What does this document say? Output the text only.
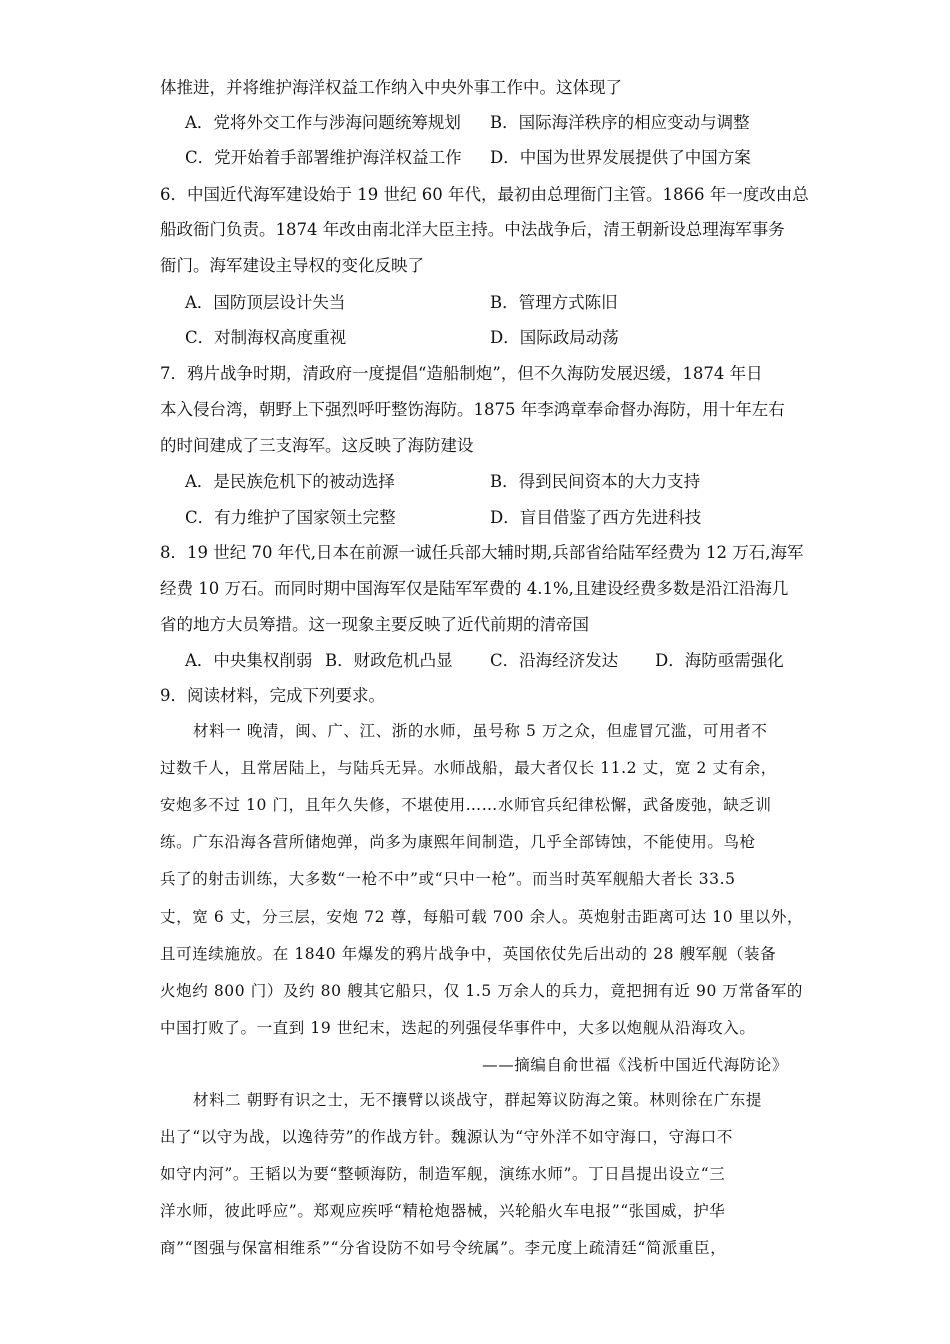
体推进，并将维护海洋权益工作纳入中央外事工作中。这体现了
A．党将外交工作与涉海问题统筹规划 B．国际海洋秩序的相应变动与调整
C．党开始着手部署维护海洋权益工作 D．中国为世界发展提供了中国方案
6．中国近代海军建设始于 19 世纪 60 年代，最初由总理衙门主管。1866 年一度改由总
船政衙门负责。1874 年改由南北洋大臣主持。中法战争后，清王朝新设总理海军事务
衙门。海军建设主导权的变化反映了
A．国防顶层设计失当	B．管理方式陈旧
C．对制海权高度重视	D．国际政局动荡
7．鸦片战争时期，清政府一度提倡“造船制炮”，但不久海防发展迟缓，1874 年日
本入侵台湾，朝野上下强烈呼吁整饬海防。1875 年李鸿章奉命督办海防，用十年左右
的时间建成了三支海军。这反映了海防建设
A．是民族危机下的被动选择	B．得到民间资本的大力支持
C．有力维护了国家领土完整	D．盲目借鉴了西方先进科技
8．19 世纪 70 年代,日本在前源一诚任兵部大辅时期,兵部省给陆军经费为 12 万石,海军
经费 10 万石。而同时期中国海军仅是陆军军费的 4.1%,且建设经费多数是沿江沿海几
省的地方大员筹措。这一现象主要反映了近代前期的清帝国
A．中央集权削弱 B．财政危机凸显 C．沿海经济发达 D．海防亟需强化
9．阅读材料，完成下列要求。
材料一 晚清，闽、广、江、浙的水师，虽号称 5 万之众，但虚冒冗滥，可用者不
过数千人，且常居陆上，与陆兵无异。水师战船，最大者仅长 11.2 丈，宽 2 丈有余，
安炮多不过 10 门，且年久失修，不堪使用……水师官兵纪律松懈，武备废弛，缺乏训
练。广东沿海各营所储炮弹，尚多为康熙年间制造，几乎全部铸蚀，不能使用。鸟枪
兵了的射击训练，大多数“一枪不中”或“只中一枪”。而当时英军舰船大者长 33.5
丈，宽 6 丈，分三层，安炮 72 尊，每船可载 700 余人。英炮射击距离可达 10 里以外，
且可连续施放。在 1840 年爆发的鸦片战争中，英国依仗先后出动的 28 艘军舰（装备
火炮约 800 门）及约 80 艘其它船只，仅 1.5 万余人的兵力，竟把拥有近 90 万常备军的
中国打败了。一直到 19 世纪末，迭起的列强侵华事件中，大多以炮舰从沿海攻入。
——摘编自俞世福《浅析中国近代海防论》
材料二 朝野有识之士，无不攘臂以谈战守，群起筹议防海之策。林则徐在广东提
出了“以守为战，以逸待劳”的作战方针。魏源认为“守外洋不如守海口，守海口不
如守内河”。王韬以为要“整顿海防，制造军舰，演练水师”。丁日昌提出设立“三
洋水师，彼此呼应”。郑观应疾呼“精枪炮器械，兴轮船火车电报”“张国威，护华
商”“图强与保富相维系”“分省设防不如号令统属”。李元度上疏清廷“简派重臣，
